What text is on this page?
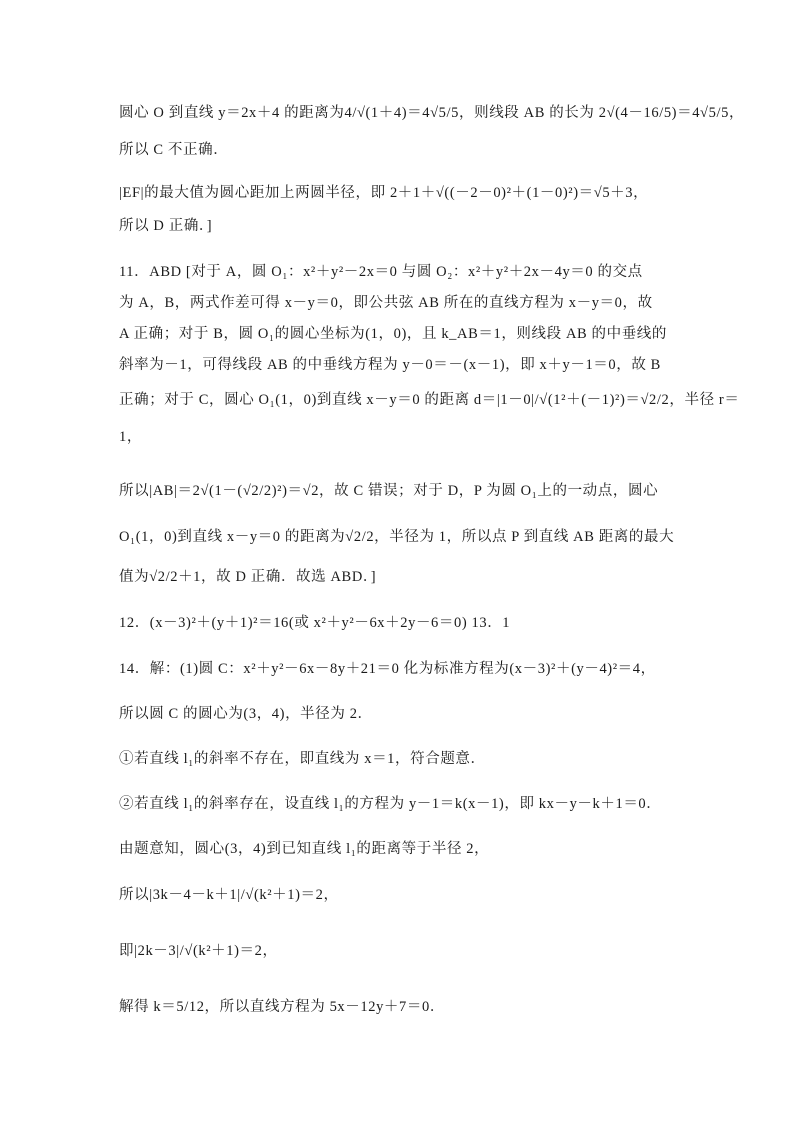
圆心 O 到直线 y＝2x＋4 的距离为4/√(1＋4)＝4√5/5，则线段 AB 的长为 2√(4－16/5)＝4√5/5，
所以 C 不正确．
|EF|的最大值为圆心距加上两圆半径，即 2＋1＋√((－2－0)²＋(1－0)²)＝√5＋3，
所以 D 正确．]
11．ABD [对于 A，圆 O₁：x²＋y²－2x＝0 与圆 O₂：x²＋y²＋2x－4y＝0 的交点
为 A，B，两式作差可得 x－y＝0，即公共弦 AB 所在的直线方程为 x－y＝0，故
A 正确；对于 B，圆 O₁的圆心坐标为(1，0)，且 k_AB＝1，则线段 AB 的中垂线的
斜率为－1，可得线段 AB 的中垂线方程为 y－0＝－(x－1)，即 x＋y－1＝0，故 B
正确；对于 C，圆心 O₁(1，0)到直线 x－y＝0 的距离 d＝|1－0|/√(1²＋(－1)²)＝√2/2，半径 r＝
1，
所以|AB|＝2√(1－(√2/2)²)＝√2，故 C 错误；对于 D，P 为圆 O₁上的一动点，圆心
O₁(1，0)到直线 x－y＝0 的距离为√2/2，半径为 1，所以点 P 到直线 AB 距离的最大
值为√2/2＋1，故 D 正确．故选 ABD．]
12．(x－3)²＋(y＋1)²＝16(或 x²＋y²－6x＋2y－6＝0) 13．1
14．解：(1)圆 C：x²＋y²－6x－8y＋21＝0 化为标准方程为(x－3)²＋(y－4)²＝4，
所以圆 C 的圆心为(3，4)，半径为 2．
①若直线 l₁的斜率不存在，即直线为 x＝1，符合题意．
②若直线 l₁的斜率存在，设直线 l₁的方程为 y－1＝k(x－1)，即 kx－y－k＋1＝0．
由题意知，圆心(3，4)到已知直线 l₁的距离等于半径 2，
所以|3k－4－k＋1|/√(k²＋1)＝2，
即|2k－3|/√(k²＋1)＝2，
解得 k＝5/12，所以直线方程为 5x－12y＋7＝0．
